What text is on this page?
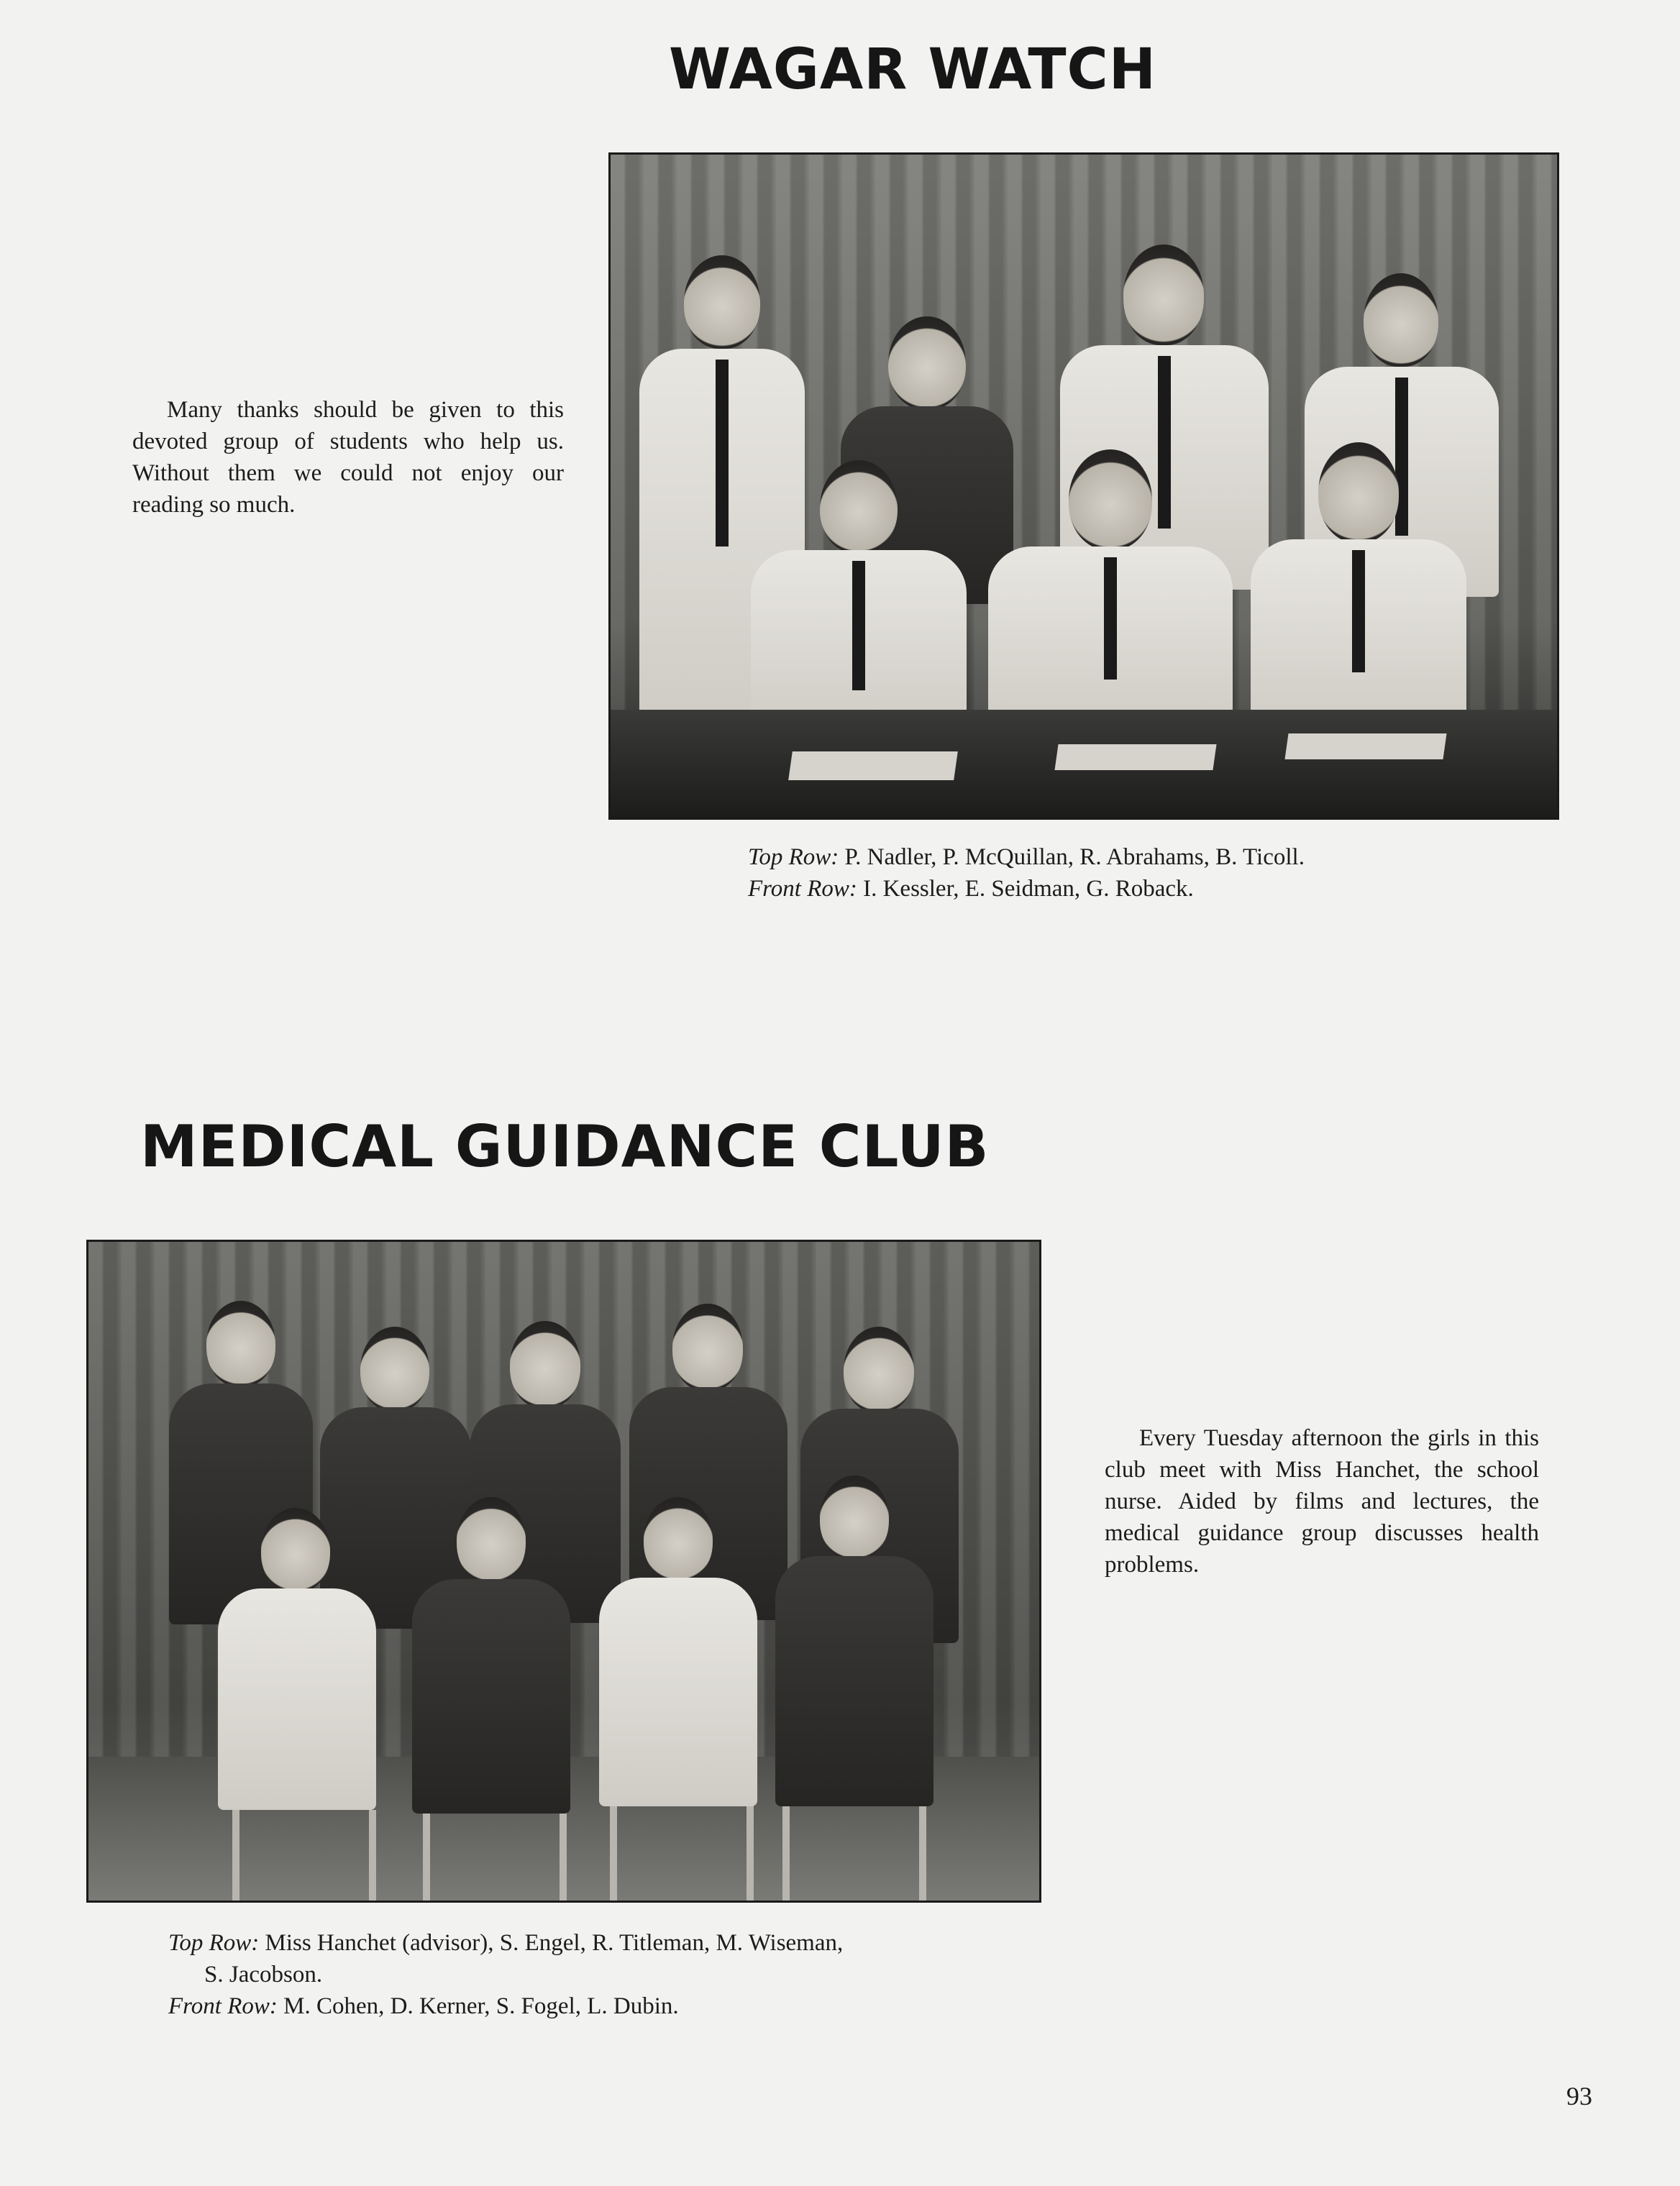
WAGAR WATCH

Many thanks should be given to this devoted group of students who help us. Without them we could not enjoy our reading so much.

Top Row: P. Nadler, P. McQuillan, R. Abrahams, B. Ticoll.

Front Row: I. Kessler, E. Seidman, G. Roback.

MEDICAL GUIDANCE CLUB

Every Tuesday afternoon the girls in this club meet with Miss Hanchet, the school nurse. Aided by films and lectures, the medical guidance group discusses health problems.

Top Row: Miss Hanchet (advisor), S. Engel, R. Titleman, M. Wiseman,

S. Jacobson.

Front Row: M. Cohen, D. Kerner, S. Fogel, L. Dubin.

93
